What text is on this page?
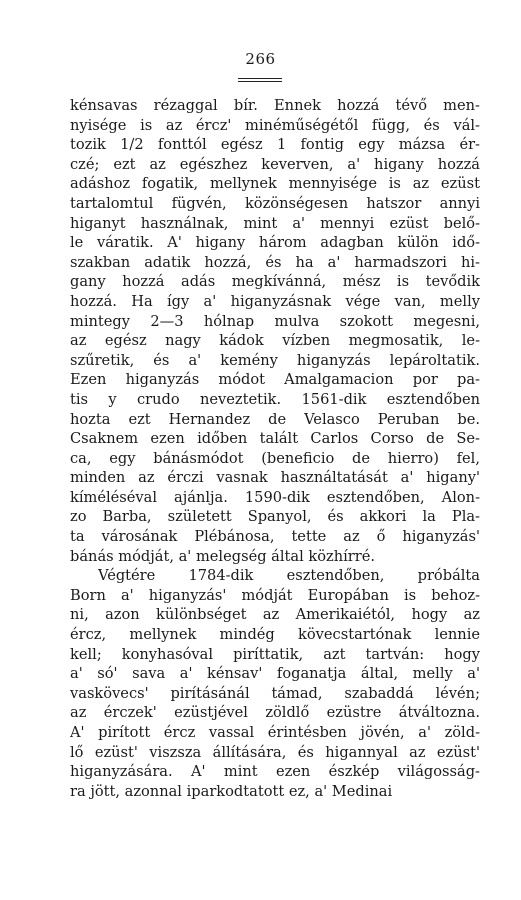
266
kénsavas rézaggal bír. Ennek hozzá tévő men-
nyisége is az ércz' minéműségétől függ, és vál-
tozik 1/2 fonttól egész 1 fontig egy mázsa ér-
czé; ezt az egészhez keverven, a' higany hozzá
adáshoz fogatik, mellynek mennyisége is az ezüst
tartalomtul fügvén, közönségesen hatszor annyi
higanyt használnak, mint a' mennyi ezüst belő-
le váratik. A' higany három adagban külön idő-
szakban adatik hozzá, és ha a' harmadszori hi-
gany hozzá adás megkívánná, mész is tevődik
hozzá. Ha így a' higanyzásnak vége van, melly
mintegy 2—3 hólnap mulva szokott megesni,
az egész nagy kádok vízben megmosatik, le-
szűretik, és a' kemény higanyzás lepároltatik.
Ezen higanyzás módot Amalgamacion por pa-
tis y crudo neveztetik. 1561-dik esztendőben
hozta ezt Hernandez de Velasco Peruban be.
Csaknem ezen időben talált Carlos Corso de Se-
ca, egy bánásmódot (beneficio de hierro) fel,
minden az érczi vasnak használtatását a' higany'
kíméléséval ajánlja. 1590-dik esztendőben, Alon-
zo Barba, született Spanyol, és akkori la Pla-
ta városának Plébánosa, tette az ő higanyzás'
bánás módját, a' melegség által közhírré.
Végtére 1784-dik esztendőben, próbálta
Born a' higanyzás' módját Europában is behoz-
ni, azon különbséget az Amerikaiétól, hogy az
ércz, mellynek mindég kövecstartónak lennie
kell; konyhasóval piríttatik, azt tartván: hogy
a' só' sava a' kénsav' foganatja által, melly a'
vaskövecs' pirításánál támad, szabaddá lévén;
az érczek' ezüstjével zöldlő ezüstre átváltozna.
A' pirított ércz vassal érintésben jövén, a' zöld-
lő ezüst' viszsza állítására, és higannyal az ezüst'
higanyzására. A' mint ezen észkép világosság-
ra jött, azonnal iparkodtatott ez, a' Medinai
